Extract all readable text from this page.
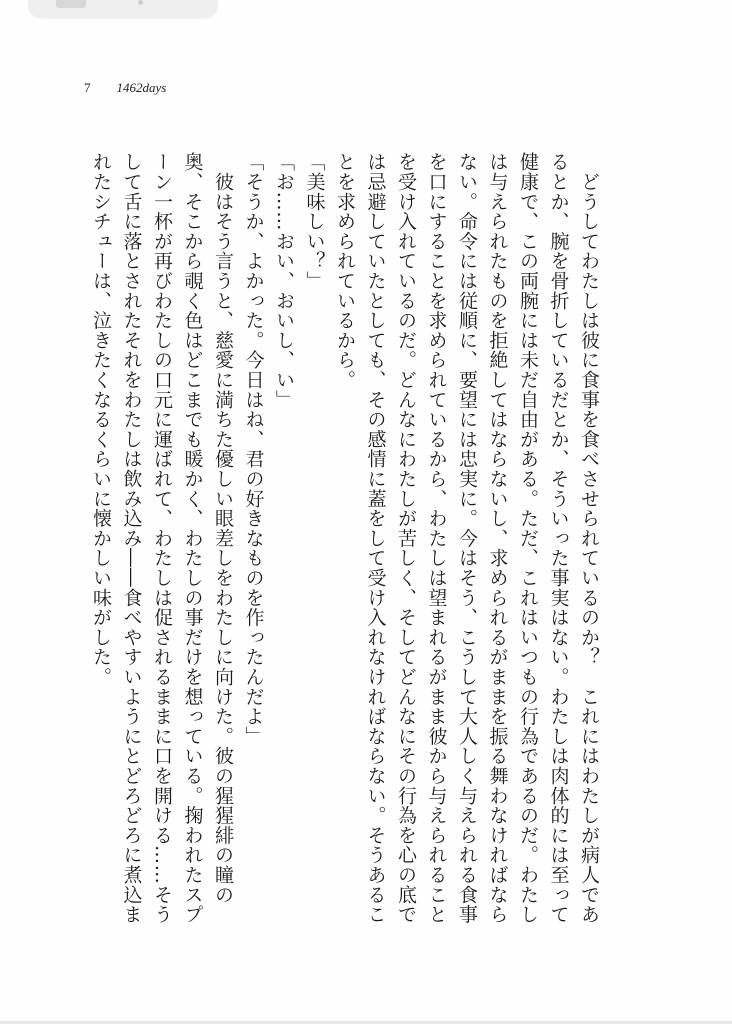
7 1462days

　どうしてわたしは彼に食事を食べさせられているのか？　これにはわたしが病人であるとか、腕を骨折しているだとか、そういった事実はない。わたしは肉体的には至って健康で、この両腕には未だ自由がある。ただ、これはいつもの行為であるのだ。わたしは与えられたものを拒絶してはならないし、求められるがままを振る舞わなければならない。命令には従順に、要望には忠実に。今はそう、こうして大人しく与えられる食事を口にすることを求められているから、わたしは望まれるがまま彼から与えられることを受け入れているのだ。どんなにわたしが苦しく、そしてどんなにその行為を心の底では忌避していたとしても、その感情に蓋をして受け入れなければならない。そうあることを求められているから。

「美味しい？」

「お……おい、おいし、い」

「そうか、よかった。今日はね、君の好きなものを作ったんだよ」

　彼はそう言うと、慈愛に満ちた優しい眼差しをわたしに向けた。彼の猩猩緋の瞳の奥、そこから覗く色はどこまでも暖かく、わたしの事だけを想っている。掬われたスプーン一杯が再びわたしの口元に運ばれて、わたしは促されるままに口を開ける……そうして舌に落とされたそれをわたしは飲み込み――食べやすいようにとどろどろに煮込まれたシチューは、泣きたくなるくらいに懐かしい味がした。
